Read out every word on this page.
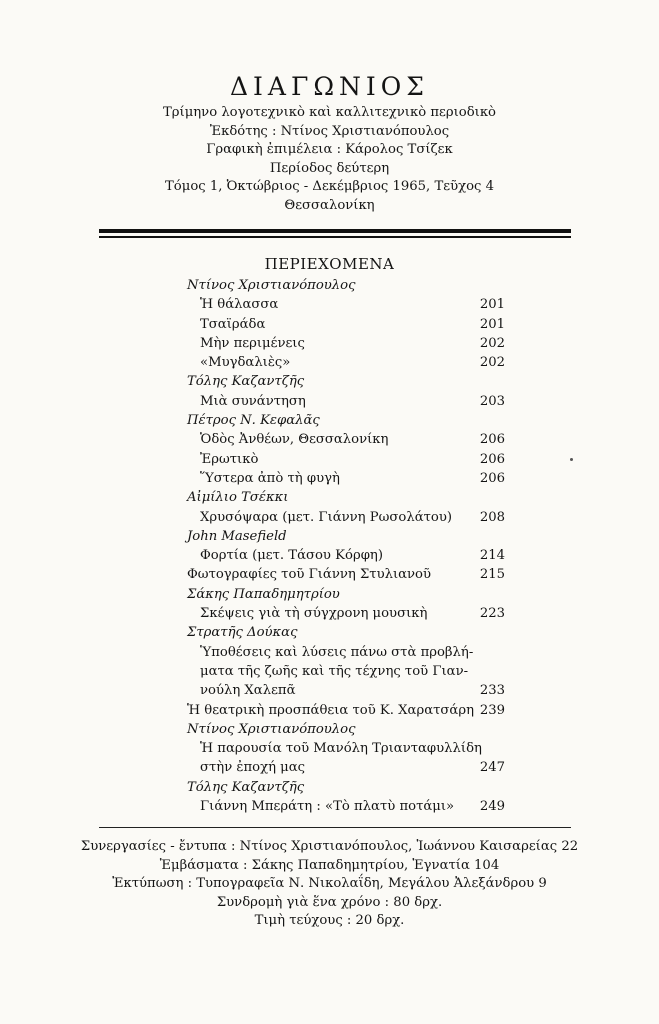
ΔΙΑΓΩΝΙΟΣ
Τρίμηνο λογοτεχνικὸ καὶ καλλιτεχνικὸ περιοδικὸ
Ἐκδότης : Ντίνος Χριστιανόπουλος
Γραφικὴ ἐπιμέλεια : Κάρολος Τσίζεκ
Περίοδος δεύτερη
Τόμος 1, Ὀκτώβριος - Δεκέμβριος 1965, Τεῦχος 4
Θεσσαλονίκη
ΠΕΡΙΕΧΟΜΕΝΑ
Ντίνος Χριστιανόπουλος
Ἡ θάλασσα	201
Τσαϊράδα	201
Μὴν περιμένεις	202
«Μυγδαλιὲς»	202
Τόλης Καζαντζῆς
Μιὰ συνάντηση	203
Πέτρος Ν. Κεφαλᾶς
Ὁδὸς Ἀνθέων, Θεσσαλονίκη	206
Ἐρωτικὸ	206
Ὕστερα ἀπὸ τὴ φυγὴ	206
Αἰμίλιο Τσέκκι
Χρυσόψαρα (μετ. Γιάννη Ρωσολάτου) 208
John Masefield
Φορτία (μετ. Τάσου Κόρφη)	214
Φωτογραφίες τοῦ Γιάννη Στυλιανοῦ	215
Σάκης Παπαδημητρίου
Σκέψεις γιὰ τὴ σύγχρονη μουσικὴ	223
Στρατῆς Δούκας
Ὑποθέσεις καὶ λύσεις πάνω στὰ προβλή-
ματα τῆς ζωῆς καὶ τῆς τέχνης τοῦ Γιαν-
νούλη Χαλεπᾶ	233
Ἡ θεατρικὴ προσπάθεια τοῦ Κ. Χαρατσάρη 239
Ντίνος Χριστιανόπουλος
Ἡ παρουσία τοῦ Μανόλη Τριανταφυλλίδη
στὴν ἐποχή μας	247
Τόλης Καζαντζῆς
Γιάννη Μπεράτη : «Τὸ πλατὺ ποτάμι» 249
Συνεργασίες - ἔντυπα : Ντίνος Χριστιανόπουλος, Ἰωάννου Καισαρείας 22
Ἐμβάσματα : Σάκης Παπαδημητρίου, Ἐγνατία 104
Ἐκτύπωση : Τυπογραφεῖα Ν. Νικολαΐδη, Μεγάλου Ἀλεξάνδρου 9
Συνδρομὴ γιὰ ἕνα χρόνο : 80 δρχ.
Τιμὴ τεύχους : 20 δρχ.
